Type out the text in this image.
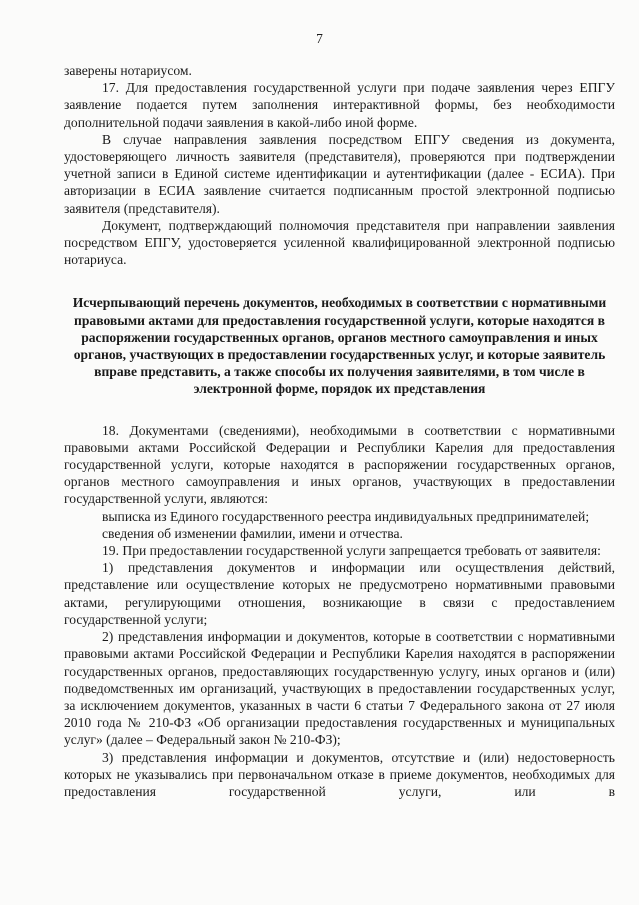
7

заверены нотариусом.

17. Для предоставления государственной услуги при подаче заявления через ЕПГУ заявление подается путем заполнения интерактивной формы, без необходимости дополнительной подачи заявления в какой-либо иной форме.

В случае направления заявления посредством ЕПГУ сведения из документа, удостоверяющего личность заявителя (представителя), проверяются при подтверждении учетной записи в Единой системе идентификации и аутентификации (далее - ЕСИА). При авторизации в ЕСИА заявление считается подписанным простой электронной подписью заявителя (представителя).

Документ, подтверждающий полномочия представителя при направлении заявления посредством ЕПГУ, удостоверяется усиленной квалифицированной электронной подписью нотариуса.

Исчерпывающий перечень документов, необходимых в соответствии с нормативными правовыми актами для предоставления государственной услуги, которые находятся в распоряжении государственных органов, органов местного самоуправления и иных органов, участвующих в предоставлении государственных услуг, и которые заявитель вправе представить, а также способы их получения заявителями, в том числе в электронной форме, порядок их представления

18. Документами (сведениями), необходимыми в соответствии с нормативными правовыми актами Российской Федерации и Республики Карелия для предоставления государственной услуги, которые находятся в распоряжении государственных органов, органов местного самоуправления и иных органов, участвующих в предоставлении государственной услуги, являются:

выписка из Единого государственного реестра индивидуальных предпринимателей;

сведения об изменении фамилии, имени и отчества.

19. При предоставлении государственной услуги запрещается требовать от заявителя:

1) представления документов и информации или осуществления действий, представление или осуществление которых не предусмотрено нормативными правовыми актами, регулирующими отношения, возникающие в связи с предоставлением государственной услуги;

2) представления информации и документов, которые в соответствии с нормативными правовыми актами Российской Федерации и Республики Карелия находятся в распоряжении государственных органов, предоставляющих государственную услугу, иных органов и (или) подведомственных им организаций, участвующих в предоставлении государственных услуг, за исключением документов, указанных в части 6 статьи 7 Федерального закона от 27 июля 2010 года № 210-ФЗ «Об организации предоставления государственных и муниципальных услуг» (далее – Федеральный закон № 210-ФЗ);

3) представления информации и документов, отсутствие и (или) недостоверность которых не указывались при первоначальном отказе в приеме документов, необходимых для предоставления государственной услуги, или в
